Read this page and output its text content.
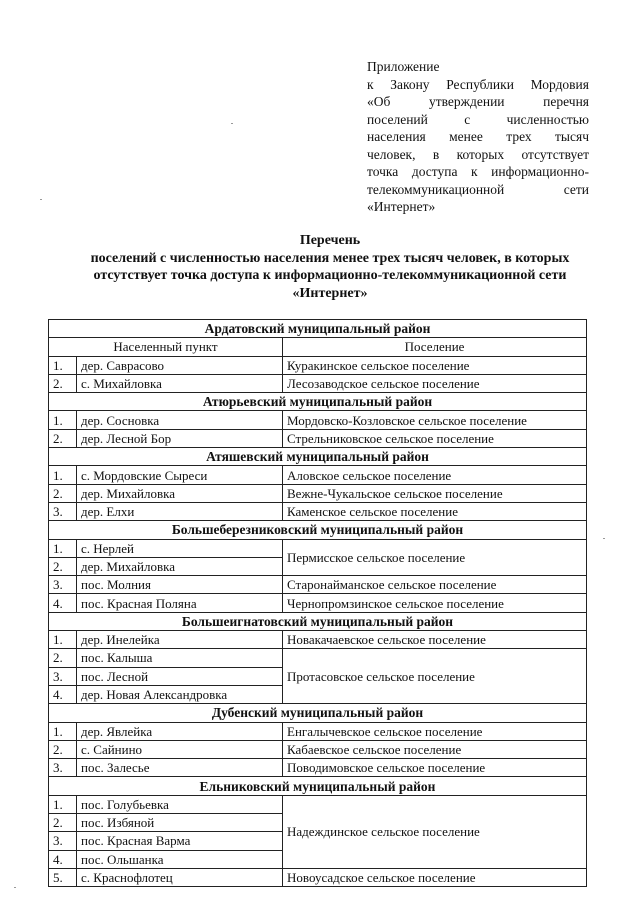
Приложение
к Закону Республики Мордовия
«Об утверждении перечня
поселений с численностью
населения менее трех тысяч
человек, в которых отсутствует
точка доступа к информационно-
телекоммуникационной сети
«Интернет»
Перечень
поселений с численностью населения менее трех тысяч человек, в которых
отсутствует точка доступа к информационно-телекоммуникационной сети
«Интернет»
Ардатовский муниципальный район		
Населенный пункт		Поселение
1.	дер. Саврасово	Куракинское сельское поселение
2.	с. Михайловка	Лесозаводское сельское поселение
Атюрьевский муниципальный район		
1.	дер. Сосновка	Мордовско-Козловское сельское поселение
2.	дер. Лесной Бор	Стрельниковское сельское поселение
Атяшевский муниципальный район		
1.	с. Мордовские Сыреси	Аловское сельское поселение
2.	дер. Михайловка	Вежне-Чукальское сельское поселение
3.	дер. Елхи	Каменское сельское поселение
Большеберезниковский муниципальный район		
1.	с. Нерлей	Пермисское сельское поселение
2.	дер. Михайловка	
3.	пос. Молния	Старонайманское сельское поселение
4.	пос. Красная Поляна	Чернопромзинское сельское поселение
Большеигнатовский муниципальный район		
1.	дер. Инелейка	Новакачаевское сельское поселение
2.	пос. Калыша	Протасовское сельское поселение
3.	пос. Лесной	
4.	дер. Новая Александровка	
Дубенский муниципальный район		
1.	дер. Явлейка	Енгалычевское сельское поселение
2.	с. Сайнино	Кабаевское сельское поселение
3.	пос. Залесье	Поводимовское сельское поселение
Ельниковский муниципальный район		
1.	пос. Голубьевка	Надеждинское сельское поселение
2.	пос. Избяной	
3.	пос. Красная Варма	
4.	пос. Ольшанка	
5.	с. Краснофлотец	Новоусадское сельское поселение
